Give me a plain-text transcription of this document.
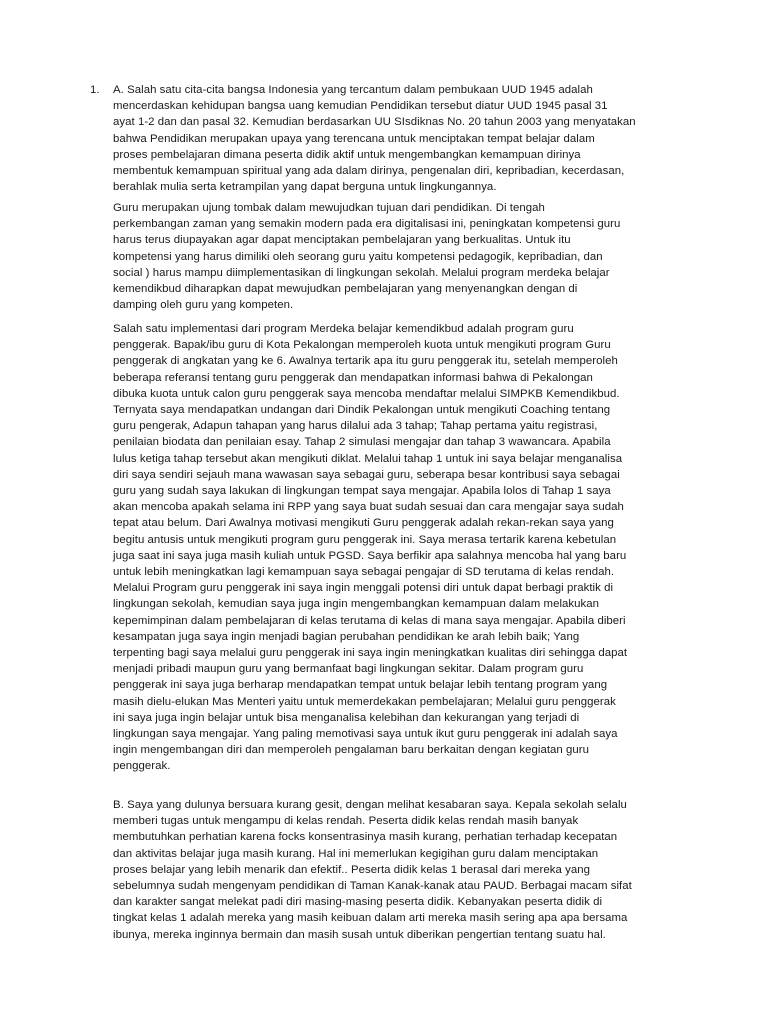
1. A. Salah satu cita-cita bangsa Indonesia yang tercantum dalam pembukaan UUD 1945 adalah
mencerdaskan kehidupan bangsa uang kemudian Pendidikan tersebut diatur UUD 1945 pasal 31
ayat 1-2 dan dan pasal 32. Kemudian berdasarkan UU SIsdiknas No. 20 tahun 2003 yang menyatakan
bahwa Pendidikan merupakan upaya yang terencana untuk menciptakan tempat belajar dalam
proses pembelajaran dimana peserta didik aktif untuk mengembangkan kemampuan dirinya
membentuk kemampuan spiritual yang ada dalam dirinya, pengenalan diri, kepribadian, kecerdasan,
berahlak mulia serta ketrampilan yang dapat berguna untuk lingkungannya.
Guru merupakan ujung tombak dalam mewujudkan tujuan dari pendidikan. Di tengah
perkembangan zaman yang semakin modern pada era digitalisasi ini, peningkatan kompetensi guru
harus terus diupayakan agar dapat menciptakan pembelajaran yang berkualitas. Untuk itu
kompetensi yang harus dimiliki oleh seorang guru yaitu kompetensi pedagogik, kepribadian, dan
social ) harus mampu diimplementasikan di lingkungan sekolah. Melalui program merdeka belajar
kemendikbud diharapkan dapat mewujudkan pembelajaran yang menyenangkan dengan di
damping oleh guru yang kompeten.
Salah satu implementasi dari program Merdeka belajar kemendikbud adalah program guru
penggerak. Bapak/ibu guru di Kota Pekalongan memperoleh kuota untuk mengikuti program Guru
penggerak di angkatan yang ke 6. Awalnya tertarik apa itu guru penggerak itu, setelah memperoleh
beberapa referansi tentang guru penggerak dan mendapatkan informasi bahwa di Pekalongan
dibuka kuota untuk calon guru penggerak saya mencoba mendaftar melalui SIMPKB Kemendikbud.
Ternyata saya mendapatkan undangan dari Dindik Pekalongan untuk mengikuti Coaching tentang
guru pengerak, Adapun tahapan yang harus dilalui ada 3 tahap; Tahap pertama yaitu registrasi,
penilaian biodata dan penilaian esay. Tahap 2 simulasi mengajar dan tahap 3 wawancara. Apabila
lulus ketiga tahap tersebut akan mengikuti diklat. Melalui tahap 1 untuk ini saya belajar menganalisa
diri saya sendiri sejauh mana wawasan saya sebagai guru, seberapa besar kontribusi saya sebagai
guru yang sudah saya lakukan di lingkungan tempat saya mengajar. Apabila lolos di Tahap 1 saya
akan mencoba apakah selama ini RPP yang saya buat sudah sesuai dan cara mengajar saya sudah
tepat atau belum. Dari Awalnya motivasi mengikuti Guru penggerak adalah rekan-rekan saya yang
begitu antusis untuk mengikuti program guru penggerak ini. Saya merasa tertarik karena kebetulan
juga saat ini saya juga masih kuliah untuk PGSD. Saya berfikir apa salahnya mencoba hal yang baru
untuk lebih meningkatkan lagi kemampuan saya sebagai pengajar di SD terutama di kelas rendah.
Melalui Program guru penggerak ini saya ingin menggali potensi diri untuk dapat berbagi praktik di
lingkungan sekolah, kemudian saya juga ingin mengembangkan kemampuan dalam melakukan
kepemimpinan dalam pembelajaran di kelas terutama di kelas di mana saya mengajar. Apabila diberi
kesampatan juga saya ingin menjadi bagian perubahan pendidikan ke arah lebih baik; Yang
terpenting bagi saya melalui guru penggerak ini saya ingin meningkatkan kualitas diri sehingga dapat
menjadi pribadi maupun guru yang bermanfaat bagi lingkungan sekitar. Dalam program guru
penggerak ini saya juga berharap mendapatkan tempat untuk belajar lebih tentang program yang
masih dielu-elukan Mas Menteri yaitu untuk memerdekakan pembelajaran; Melalui guru penggerak
ini saya juga ingin belajar untuk bisa menganalisa kelebihan dan kekurangan yang terjadi di
lingkungan saya mengajar. Yang paling memotivasi saya untuk ikut guru penggerak ini adalah saya
ingin mengembangan diri dan memperoleh pengalaman baru berkaitan dengan kegiatan guru
penggerak.
B. Saya yang dulunya bersuara kurang gesit, dengan melihat kesabaran saya. Kepala sekolah selalu
memberi tugas untuk mengampu di kelas rendah. Peserta didik kelas rendah masih banyak
membutuhkan perhatian karena focks konsentrasinya masih kurang, perhatian terhadap kecepatan
dan aktivitas belajar juga masih kurang. Hal ini memerlukan kegigihan guru dalam menciptakan
proses belajar yang lebih menarik dan efektif.. Peserta didik kelas 1 berasal dari mereka yang
sebelumnya sudah mengenyam pendidikan di Taman Kanak-kanak atau PAUD. Berbagai macam sifat
dan karakter sangat melekat padi diri masing-masing peserta didik. Kebanyakan peserta didik di
tingkat kelas 1 adalah mereka yang masih keibuan dalam arti mereka masih sering apa apa bersama
ibunya, mereka inginnya bermain dan masih susah untuk diberikan pengertian tentang suatu hal.
